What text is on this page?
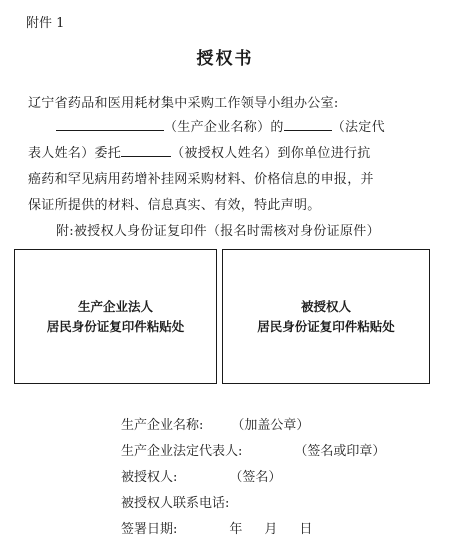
附件 1
授权书
辽宁省药品和医用耗材集中采购工作领导小组办公室:
（生产企业名称）的	（法定代
表人姓名）委托	（被授权人姓名）到你单位进行抗
癌药和罕见病用药增补挂网采购材料、价格信息的申报，并
保证所提供的材料、信息真实、有效，特此声明。
附:被授权人身份证复印件（报名时需核对身份证原件）
生产企业法人
居民身份证复印件粘贴处
被授权人
居民身份证复印件粘贴处
生产企业名称: （加盖公章）
生产企业法定代表人:	（签名或印章）
被授权人:	（签名）
被授权人联系电话:
签署日期:	年 月 日
